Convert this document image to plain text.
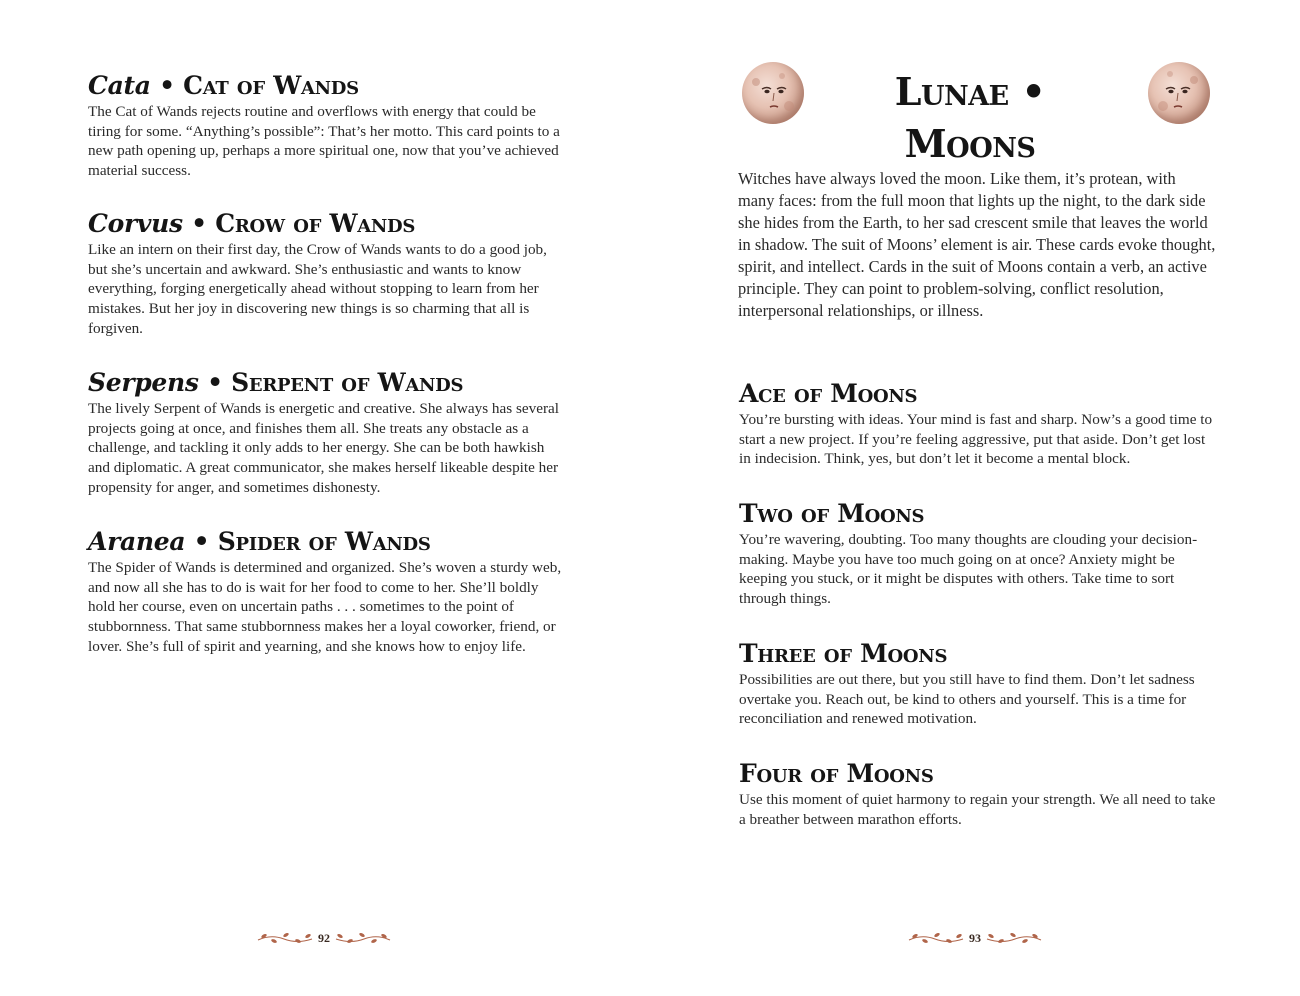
Cata • Cat of Wands

The Cat of Wands rejects routine and overflows with energy that could be tiring for some. “Anything’s possible”: That’s her motto. This card points to a new path opening up, perhaps a more spiritual one, now that you’ve achieved material success.

Corvus • Crow of Wands

Like an intern on their first day, the Crow of Wands wants to do a good job, but she’s uncertain and awkward. She’s enthusiastic and wants to know everything, forging energetically ahead without stopping to learn from her mistakes. But her joy in discovering new things is so charming that all is forgiven.

Serpens • Serpent of Wands

The lively Serpent of Wands is energetic and creative. She always has several projects going at once, and finishes them all. She treats any obstacle as a challenge, and tackling it only adds to her energy. She can be both hawkish and diplomatic. A great communicator, she makes herself likeable despite her propensity for anger, and sometimes dishonesty.

Aranea • Spider of Wands

The Spider of Wands is determined and organized. She’s woven a sturdy web, and now all she has to do is wait for her food to come to her. She’ll boldly hold her course, even on uncertain paths . . . sometimes to the point of stubbornness. That same stubbornness makes her a loyal coworker, friend, or lover. She’s full of spirit and yearning, and she knows how to enjoy life.

92
Lunae • Moons

Witches have always loved the moon. Like them, it’s protean, with many faces: from the full moon that lights up the night, to the dark side she hides from the Earth, to her sad crescent smile that leaves the world in shadow. The suit of Moons’ element is air. These cards evoke thought, spirit, and intellect. Cards in the suit of Moons contain a verb, an active principle. They can point to problem-solving, conflict resolution, interpersonal relationships, or illness.

Ace of Moons

You’re bursting with ideas. Your mind is fast and sharp. Now’s a good time to start a new project. If you’re feeling aggressive, put that aside. Don’t get lost in indecision. Think, yes, but don’t let it become a mental block.

Two of Moons

You’re wavering, doubting. Too many thoughts are clouding your decision-making. Maybe you have too much going on at once? Anxiety might be keeping you stuck, or it might be disputes with others. Take time to sort through things.

Three of Moons

Possibilities are out there, but you still have to find them. Don’t let sadness overtake you. Reach out, be kind to others and yourself. This is a time for reconciliation and renewed motivation.

Four of Moons

Use this moment of quiet harmony to regain your strength. We all need to take a breather between marathon efforts.

93
